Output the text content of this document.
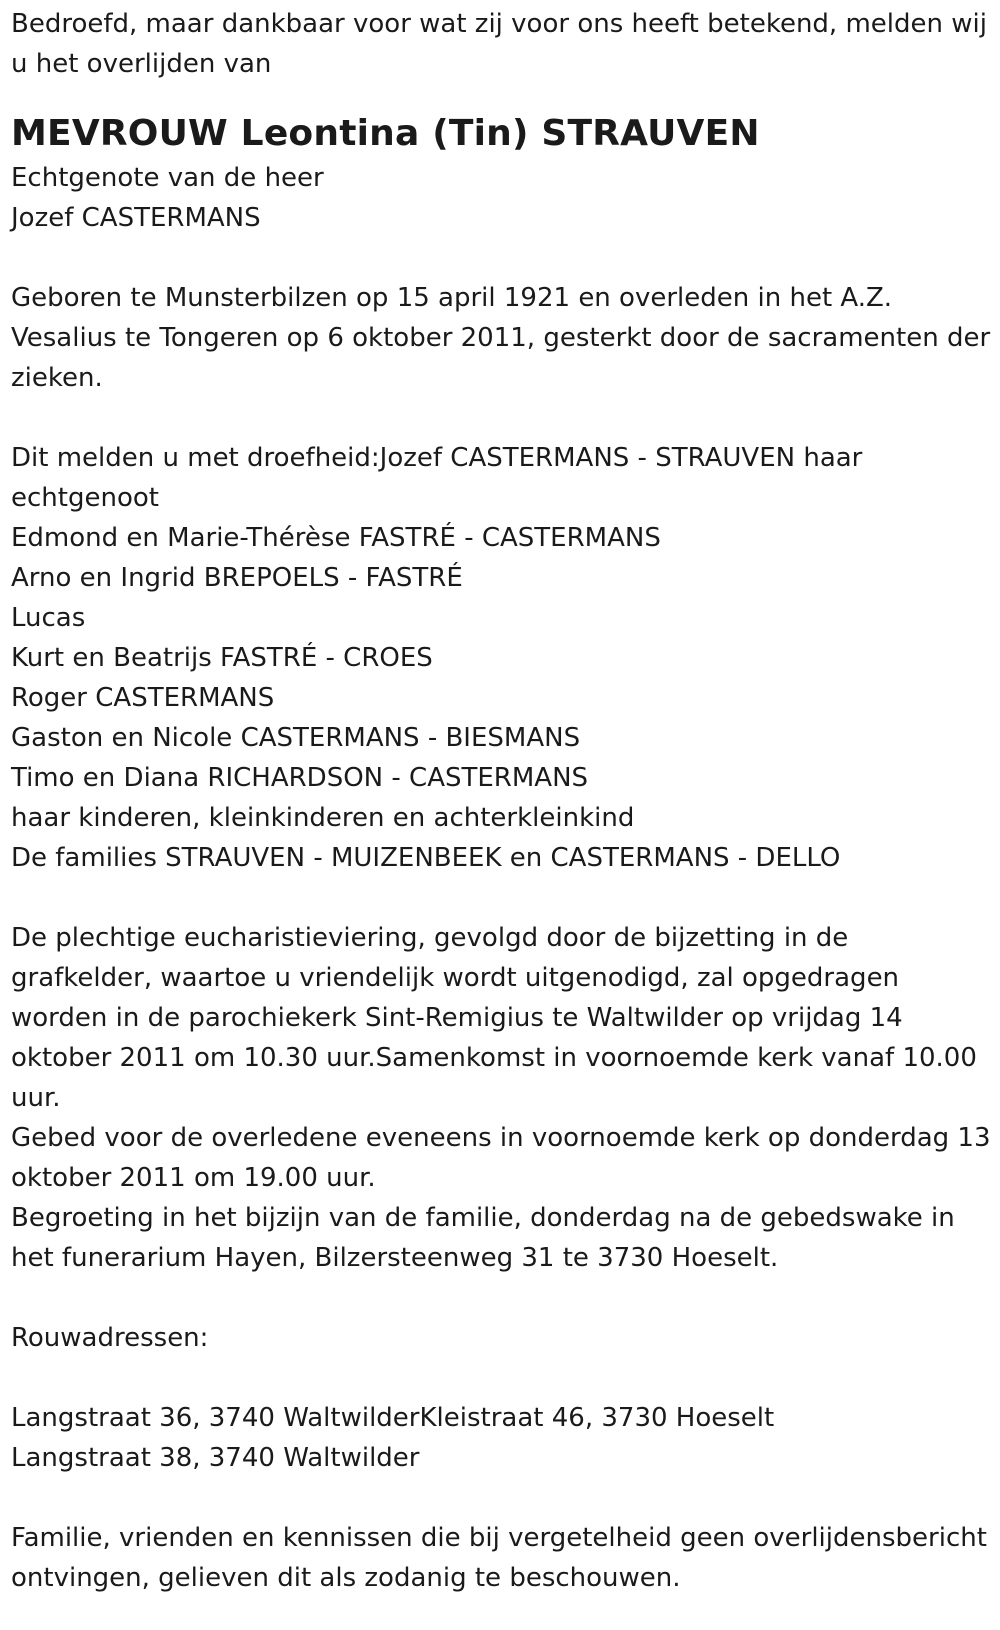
Bedroefd, maar dankbaar voor wat zij voor ons heeft betekend, melden wij u het overlijden van

MEVROUW Leontina (Tin) STRAUVEN
Echtgenote van de heer
Jozef CASTERMANS

Geboren te Munsterbilzen op 15 april 1921 en overleden in het A.Z. Vesalius te Tongeren op 6 oktober 2011, gesterkt door de sacramenten der zieken.

Dit melden u met droefheid:Jozef CASTERMANS - STRAUVEN haar echtgenoot

Edmond en Marie-Thérèse FASTRÉ - CASTERMANS
Arno en Ingrid BREPOELS - FASTRÉ
Lucas
Kurt en Beatrijs FASTRÉ - CROES
Roger CASTERMANS
Gaston en Nicole CASTERMANS - BIESMANS
Timo en Diana RICHARDSON - CASTERMANS
haar kinderen, kleinkinderen en achterkleinkind
De families STRAUVEN - MUIZENBEEK en CASTERMANS - DELLO

De plechtige eucharistieviering, gevolgd door de bijzetting in de grafkelder, waartoe u vriendelijk wordt uitgenodigd, zal opgedragen worden in de parochiekerk Sint-Remigius te Waltwilder op vrijdag 14 oktober 2011 om 10.30 uur.Samenkomst in voornoemde kerk vanaf 10.00 uur.

Gebed voor de overledene eveneens in voornoemde kerk op donderdag 13 oktober 2011 om 19.00 uur.

Begroeting in het bijzijn van de familie, donderdag na de gebedswake in het funerarium Hayen, Bilzersteenweg 31 te 3730 Hoeselt.

Rouwadressen:
Langstraat 36, 3740 WaltwilderKleistraat 46, 3730 Hoeselt
Langstraat 38, 3740 Waltwilder

Familie, vrienden en kennissen die bij vergetelheid geen overlijdensbericht ontvingen, gelieven dit als zodanig te beschouwen.
